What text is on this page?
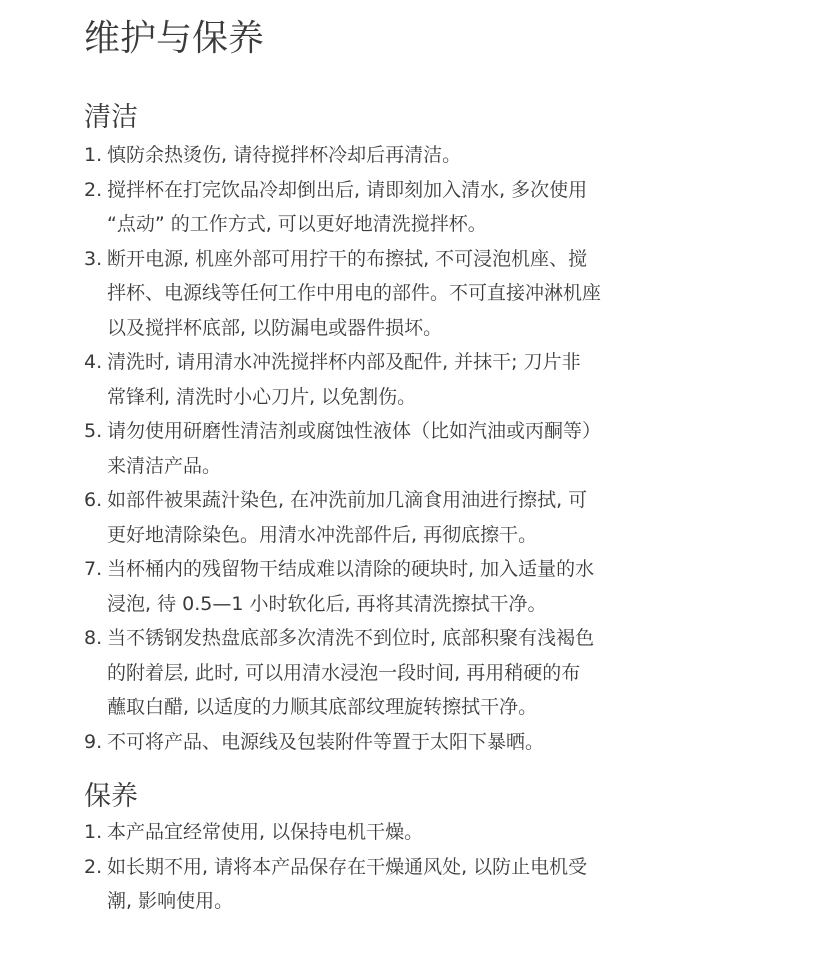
维护与保养
清洁
1. 慎防余热烫伤, 请待搅拌杯冷却后再清洁。
2. 搅拌杯在打完饮品冷却倒出后, 请即刻加入清水, 多次使用
“点动” 的工作方式, 可以更好地清洗搅拌杯。
3. 断开电源, 机座外部可用拧干的布擦拭, 不可浸泡机座、搅
拌杯、电源线等任何工作中用电的部件。不可直接冲淋机座
以及搅拌杯底部, 以防漏电或器件损坏。
4. 清洗时, 请用清水冲洗搅拌杯内部及配件, 并抹干; 刀片非
常锋利, 清洗时小心刀片, 以免割伤。
5. 请勿使用研磨性清洁剂或腐蚀性液体（比如汽油或丙酮等）
来清洁产品。
6. 如部件被果蔬汁染色, 在冲洗前加几滴食用油进行擦拭, 可
更好地清除染色。用清水冲洗部件后, 再彻底擦干。
7. 当杯桶内的残留物干结成难以清除的硬块时, 加入适量的水
浸泡, 待 0.5—1 小时软化后, 再将其清洗擦拭干净。
8. 当不锈钢发热盘底部多次清洗不到位时, 底部积聚有浅褐色
的附着层, 此时, 可以用清水浸泡一段时间, 再用稍硬的布
蘸取白醋, 以适度的力顺其底部纹理旋转擦拭干净。
9. 不可将产品、电源线及包装附件等置于太阳下暴晒。
保养
1. 本产品宜经常使用, 以保持电机干燥。
2. 如长期不用, 请将本产品保存在干燥通风处, 以防止电机受
潮, 影响使用。
